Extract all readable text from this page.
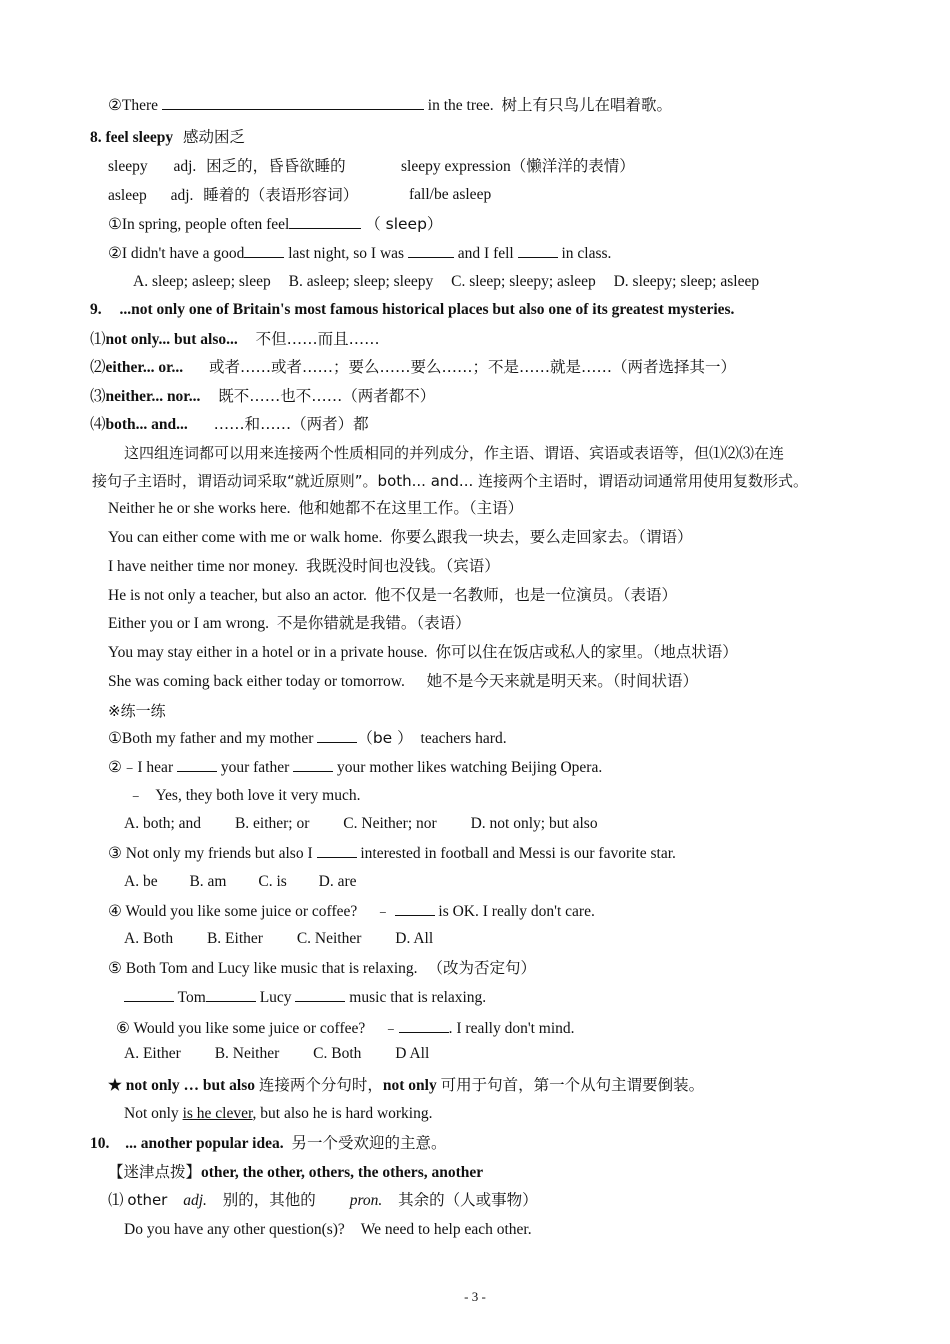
②There	in the tree. 树上有只鸟儿在唱着歌。
8. feel sleepy 感动困乏
sleepy adj. 困乏的，昏昏欲睡的	sleepy expression（懒洋洋的表情）
asleep adj. 睡着的（表语形容词）	fall/be asleep
①In spring, people often feel	（ sleep）
②I didn't have a good	last night, so I was	and I fell	in class.
A. sleep; asleep; sleep B. asleep; sleep; sleepy C. sleep; sleepy; asleep D. sleepy; sleep; asleep
9. ...not only one of Britain's most famous historical places but also one of its greatest mysteries.
⑴not only... but also... 不但……而且……
⑵either... or... 或者……或者……；要么……要么……；不是……就是……（两者选择其一）
⑶neither... nor... 既不……也不……（两者都不）
⑷both... and... ……和……（两者）都
这四组连词都可以用来连接两个性质相同的并列成分，作主语、谓语、宾语或表语等，但⑴⑵⑶在连
接句子主语时，谓语动词采取“就近原则”。both... and... 连接两个主语时，谓语动词通常用使用复数形式。
Neither he or she works here. 他和她都不在这里工作。（主语）
You can either come with me or walk home. 你要么跟我一块去，要么走回家去。（谓语）
I have neither time nor money. 我既没时间也没钱。（宾语）
He is not only a teacher, but also an actor. 他不仅是一名教师，也是一位演员。（表语）
Either you or I am wrong. 不是你错就是我错。（表语）
You may stay either in a hotel or in a private house. 你可以住在饭店或私人的家里。（地点状语）
She was coming back either today or tomorrow. 她不是今天来就是明天来。（时间状语）
※练一练
①Both my father and my mother	（be ） teachers hard.
②﹣I hear	your father	your mother likes watching Beijing Opera.
﹣ Yes, they both love it very much.
A. both; and B. either; or C. Neither; nor D. not only; but also
③ Not only my friends but also I	interested in football and Messi is our favorite star.
A. be B. am C. is D. are
④ Would you like some juice or coffee? ﹣	is OK. I really don't care.
A. Both B. Either C. Neither D. All
⑤ Both Tom and Lucy like music that is relaxing. （改为否定句）
Tom	Lucy	music that is relaxing.
⑥ Would you like some juice or coffee? ﹣	. I really don't mind.
A. Either B. Neither C. Both D All
★ not only … but also 连接两个分句时，not only 可用于句首，第一个从句主谓要倒装。
Not only is he clever, but also he is hard working.
10. ... another popular idea. 另一个受欢迎的主意。
【迷津点拨】other, the other, others, the others, another
⑴ other adj. 别的，其他的 pron. 其余的（人或事物）
Do you have any other question(s)? We need to help each other.
- 3 -
